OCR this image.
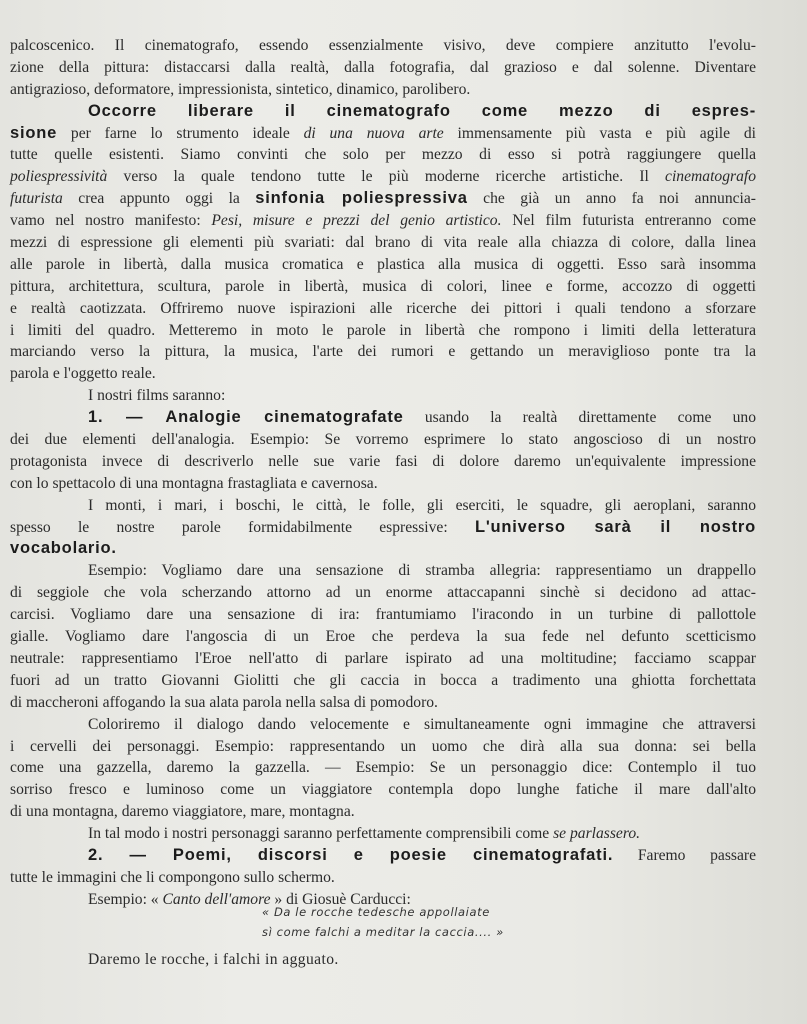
palcoscenico. Il cinematografo, essendo essenzialmente visivo, deve compiere anzitutto l'evolu-
zione della pittura: distaccarsi dalla realtà, dalla fotografia, dal grazioso e dal solenne. Diventare
antigrazioso, deformatore, impressionista, sintetico, dinamico, parolibero.
Occorre liberare il cinematografo come mezzo di espres-
sione per farne lo strumento ideale di una nuova arte immensamente più vasta e più agile di
tutte quelle esistenti. Siamo convinti che solo per mezzo di esso si potrà raggiungere quella
poliespressività verso la quale tendono tutte le più moderne ricerche artistiche. Il cinematografo
futurista crea appunto oggi la sinfonia poliespressiva che già un anno fa noi annuncia-
vamo nel nostro manifesto: Pesi, misure e prezzi del genio artistico. Nel film futurista entreranno come
mezzi di espressione gli elementi più svariati: dal brano di vita reale alla chiazza di colore, dalla linea
alle parole in libertà, dalla musica cromatica e plastica alla musica di oggetti. Esso sarà insomma
pittura, architettura, scultura, parole in libertà, musica di colori, linee e forme, accozzo di oggetti
e realtà caotizzata. Offriremo nuove ispirazioni alle ricerche dei pittori i quali tendono a sforzare
i limiti del quadro. Metteremo in moto le parole in libertà che rompono i limiti della letteratura
marciando verso la pittura, la musica, l'arte dei rumori e gettando un meraviglioso ponte tra la
parola e l'oggetto reale.
I nostri films saranno:
1. — Analogie cinematografate usando la realtà direttamente come uno
dei due elementi dell'analogia. Esempio: Se vorremo esprimere lo stato angoscioso di un nostro
protagonista invece di descriverlo nelle sue varie fasi di dolore daremo un'equivalente impressione
con lo spettacolo di una montagna frastagliata e cavernosa.
I monti, i mari, i boschi, le città, le folle, gli eserciti, le squadre, gli aeroplani, saranno
spesso le nostre parole formidabilmente espressive: L'universo sarà il nostro
vocabolario.
Esempio: Vogliamo dare una sensazione di stramba allegria: rappresentiamo un drappello
di seggiole che vola scherzando attorno ad un enorme attaccapanni sinchè si decidono ad attac-
carcisi. Vogliamo dare una sensazione di ira: frantumiamo l'iracondo in un turbine di pallottole
gialle. Vogliamo dare l'angoscia di un Eroe che perdeva la sua fede nel defunto scetticismo
neutrale: rappresentiamo l'Eroe nell'atto di parlare ispirato ad una moltitudine; facciamo scappar
fuori ad un tratto Giovanni Giolitti che gli caccia in bocca a tradimento una ghiotta forchettata
di maccheroni affogando la sua alata parola nella salsa di pomodoro.
Coloriremo il dialogo dando velocemente e simultaneamente ogni immagine che attraversi
i cervelli dei personaggi. Esempio: rappresentando un uomo che dirà alla sua donna: sei bella
come una gazzella, daremo la gazzella. — Esempio: Se un personaggio dice: Contemplo il tuo
sorriso fresco e luminoso come un viaggiatore contempla dopo lunghe fatiche il mare dall'alto
di una montagna, daremo viaggiatore, mare, montagna.
In tal modo i nostri personaggi saranno perfettamente comprensibili come se parlassero.
2. — Poemi, discorsi e poesie cinematografati. Faremo passare
tutte le immagini che li compongono sullo schermo.
Esempio: « Canto dell'amore » di Giosuè Carducci:
« Da le rocche tedesche appollaiate
sì come falchi a meditar la caccia.... »
Daremo le rocche, i falchi in agguato.
